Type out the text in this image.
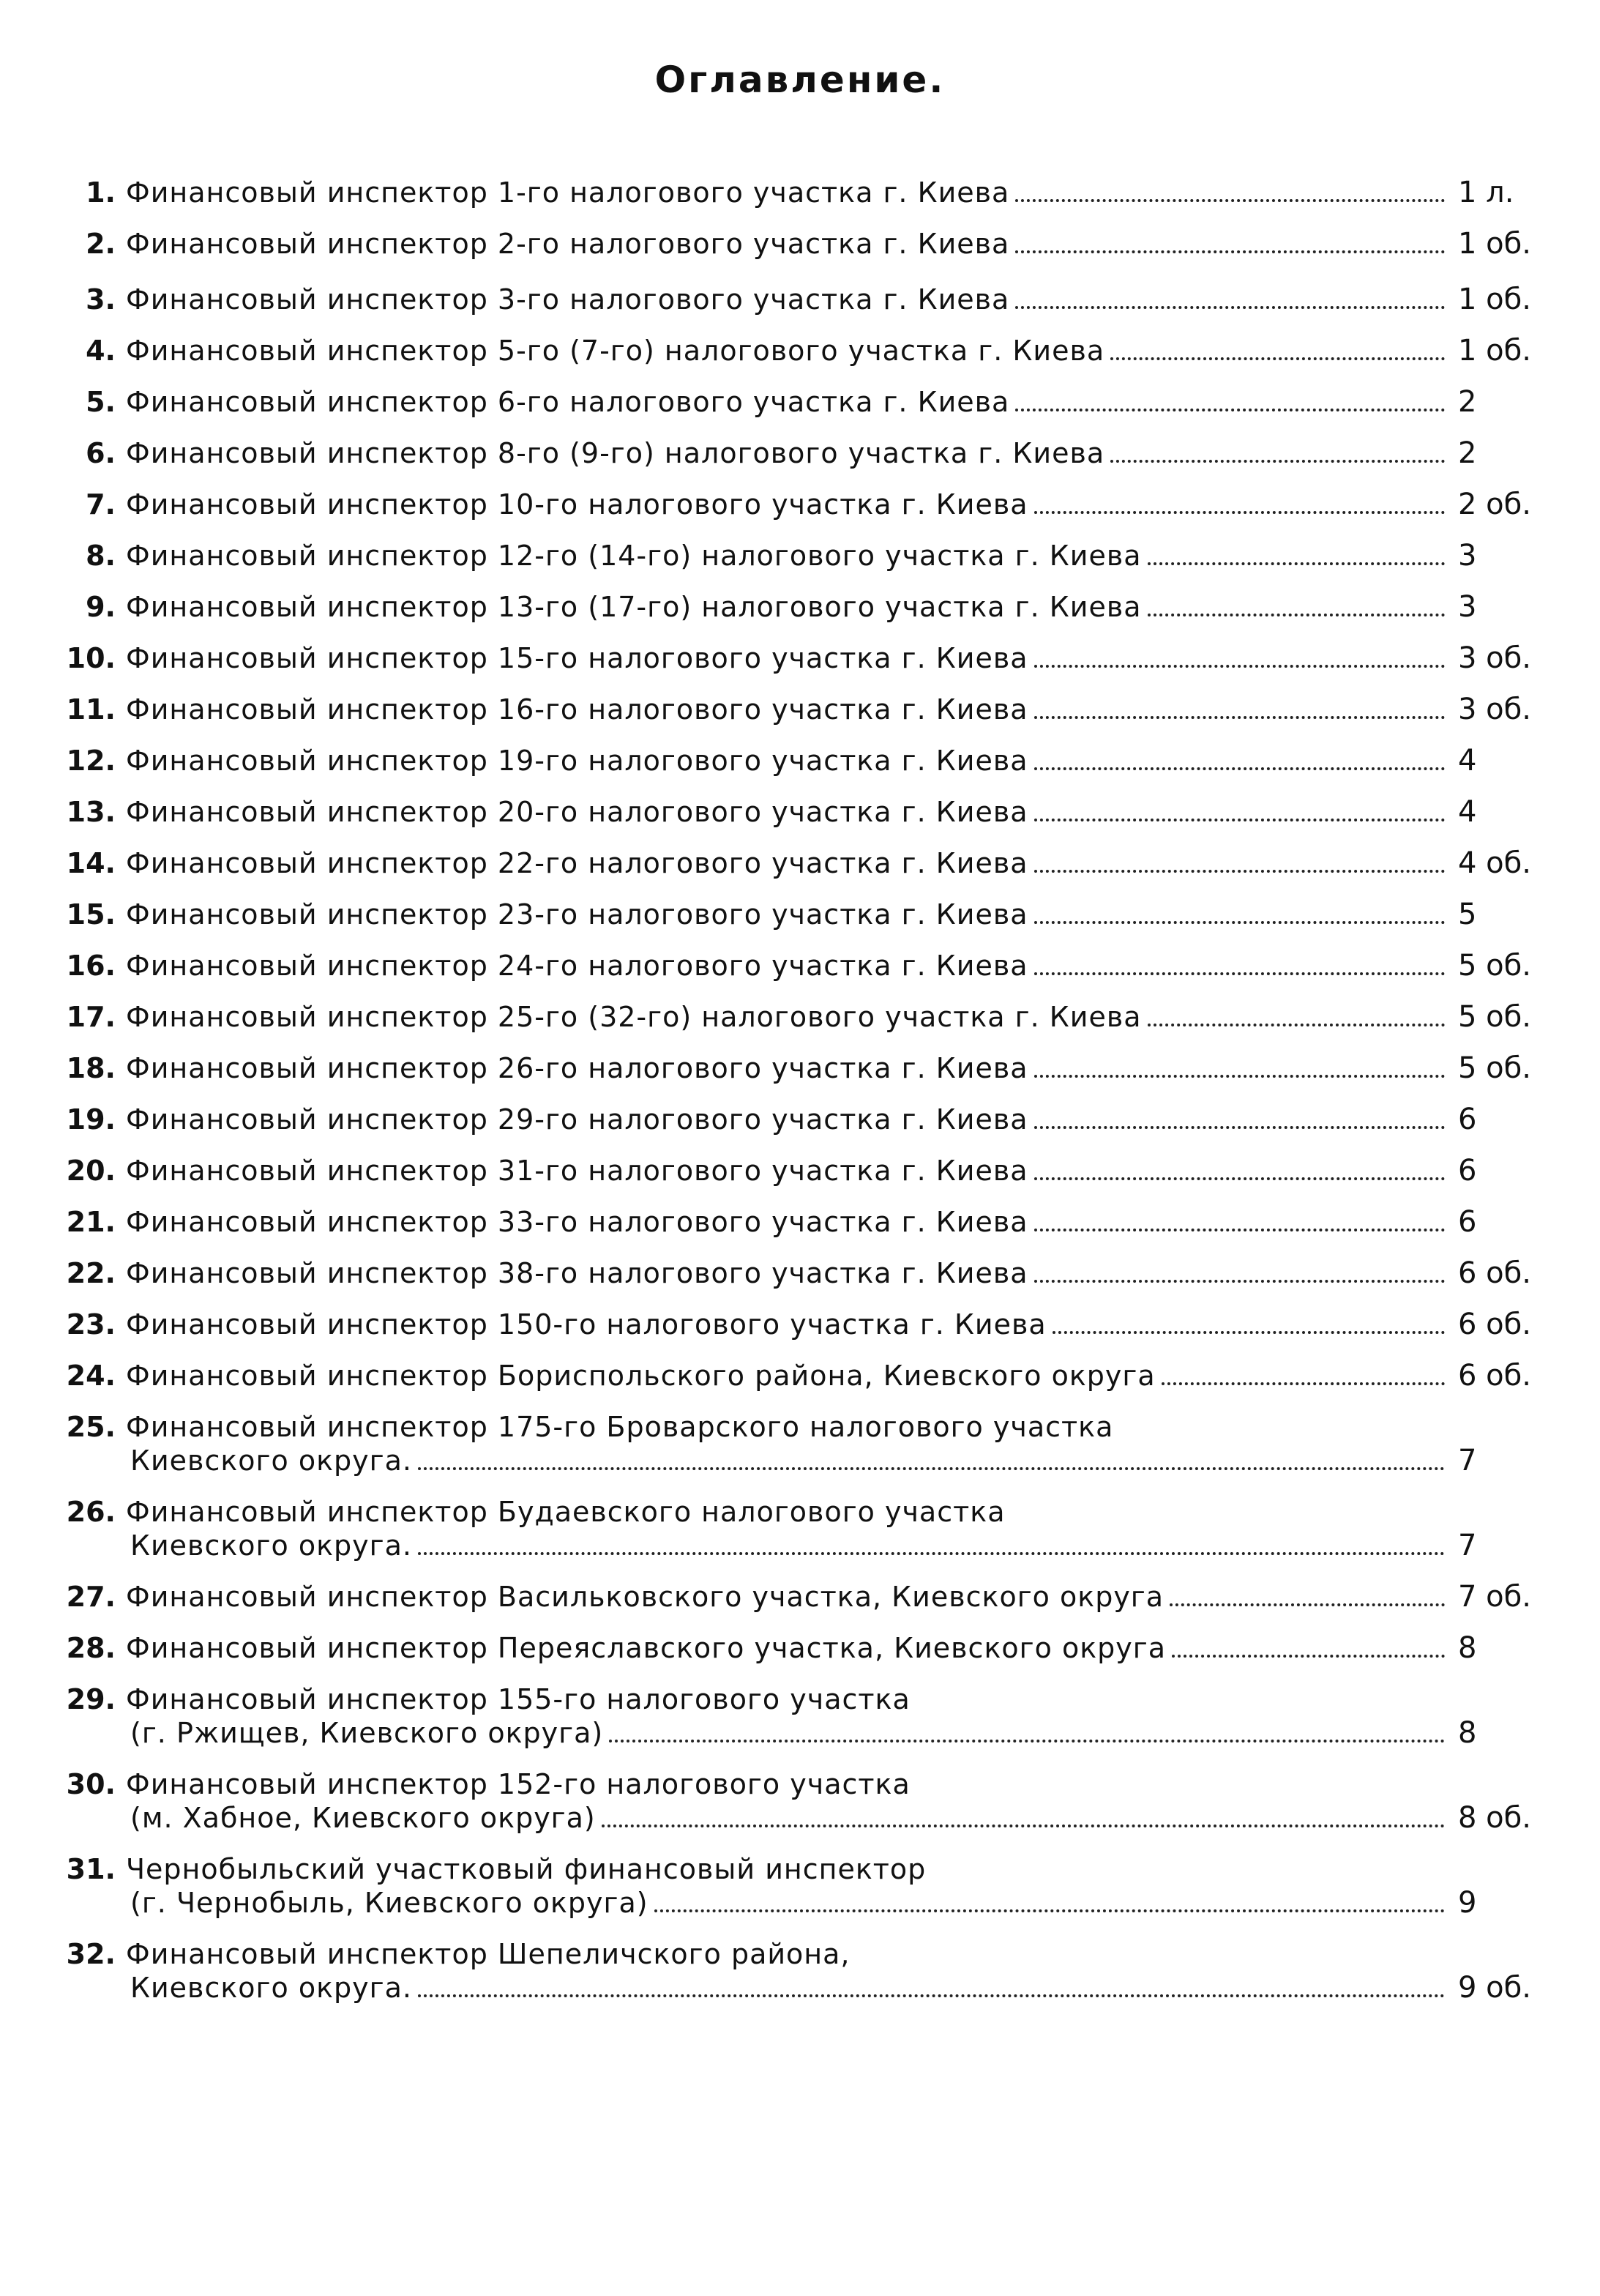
Оглавление.
1. Финансовый инспектор 1-го налогового участка г. Киева	1 л.
2. Финансовый инспектор 2-го налогового участка г. Киева	1 об.
3. Финансовый инспектор 3-го налогового участка г. Киева	1 об.
4. Финансовый инспектор 5-го (7-го) налогового участка г. Киева	1 об.
5. Финансовый инспектор 6-го налогового участка г. Киева	2
6. Финансовый инспектор 8-го (9-го) налогового участка г. Киева	2
7. Финансовый инспектор 10-го налогового участка г. Киева	2 об.
8. Финансовый инспектор 12-го (14-го) налогового участка г. Киева	3
9. Финансовый инспектор 13-го (17-го) налогового участка г. Киева	3
10. Финансовый инспектор 15-го налогового участка г. Киева	3 об.
11. Финансовый инспектор 16-го налогового участка г. Киева	3 об.
12. Финансовый инспектор 19-го налогового участка г. Киева	4
13. Финансовый инспектор 20-го налогового участка г. Киева	4
14. Финансовый инспектор 22-го налогового участка г. Киева	4 об.
15. Финансовый инспектор 23-го налогового участка г. Киева	5
16. Финансовый инспектор 24-го налогового участка г. Киева	5 об.
17. Финансовый инспектор 25-го (32-го) налогового участка г. Киева	5 об.
18. Финансовый инспектор 26-го налогового участка г. Киева	5 об.
19. Финансовый инспектор 29-го налогового участка г. Киева	6
20. Финансовый инспектор 31-го налогового участка г. Киева	6
21. Финансовый инспектор 33-го налогового участка г. Киева	6
22. Финансовый инспектор 38-го налогового участка г. Киева	6 об.
23. Финансовый инспектор 150-го налогового участка г. Киева	6 об.
24. Финансовый инспектор Бориспольского района, Киевского округа	6 об.
25. Финансовый инспектор 175-го Броварского налогового участка
Киевского округа.	7
26. Финансовый инспектор Будаевского налогового участка
Киевского округа.	7
27. Финансовый инспектор Васильковского участка, Киевского округа	7 об.
28. Финансовый инспектор Переяславского участка, Киевского округа	8
29. Финансовый инспектор 155-го налогового участка
(г. Ржищев, Киевского округа)	8
30. Финансовый инспектор 152-го налогового участка
(м. Хабное, Киевского округа)	8 об.
31. Чернобыльский участковый финансовый инспектор
(г. Чернобыль, Киевского округа)	9
32. Финансовый инспектор Шепеличского района,
Киевского округа.	9 об.
